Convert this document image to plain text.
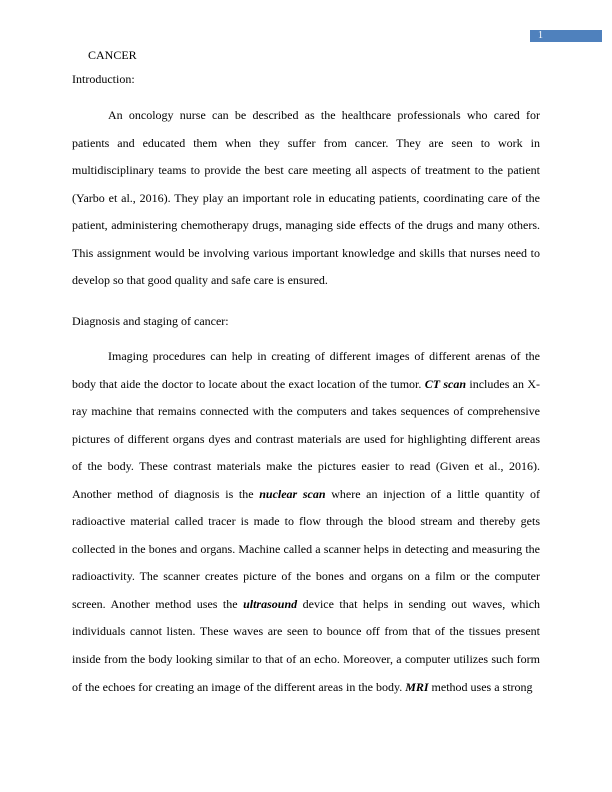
1
CANCER
Introduction:

An oncology nurse can be described as the healthcare professionals who cared for patients and educated them when they suffer from cancer. They are seen to work in multidisciplinary teams to provide the best care meeting all aspects of treatment to the patient (Yarbo et al., 2016). They play an important role in educating patients, coordinating care of the patient, administering chemotherapy drugs, managing side effects of the drugs and many others. This assignment would be involving various important knowledge and skills that nurses need to develop so that good quality and safe care is ensured.

Diagnosis and staging of cancer:

Imaging procedures can help in creating of different images of different arenas of the body that aide the doctor to locate about the exact location of the tumor. CT scan includes an X-ray machine that remains connected with the computers and takes sequences of comprehensive pictures of different organs dyes and contrast materials are used for highlighting different areas of the body. These contrast materials make the pictures easier to read (Given et al., 2016). Another method of diagnosis is the nuclear scan where an injection of a little quantity of radioactive material called tracer is made to flow through the blood stream and thereby gets collected in the bones and organs. Machine called a scanner helps in detecting and measuring the radioactivity. The scanner creates picture of the bones and organs on a film or the computer screen. Another method uses the ultrasound device that helps in sending out waves, which individuals cannot listen. These waves are seen to bounce off from that of the tissues present inside from the body looking similar to that of an echo. Moreover, a computer utilizes such form of the echoes for creating an image of the different areas in the body. MRI method uses a strong
